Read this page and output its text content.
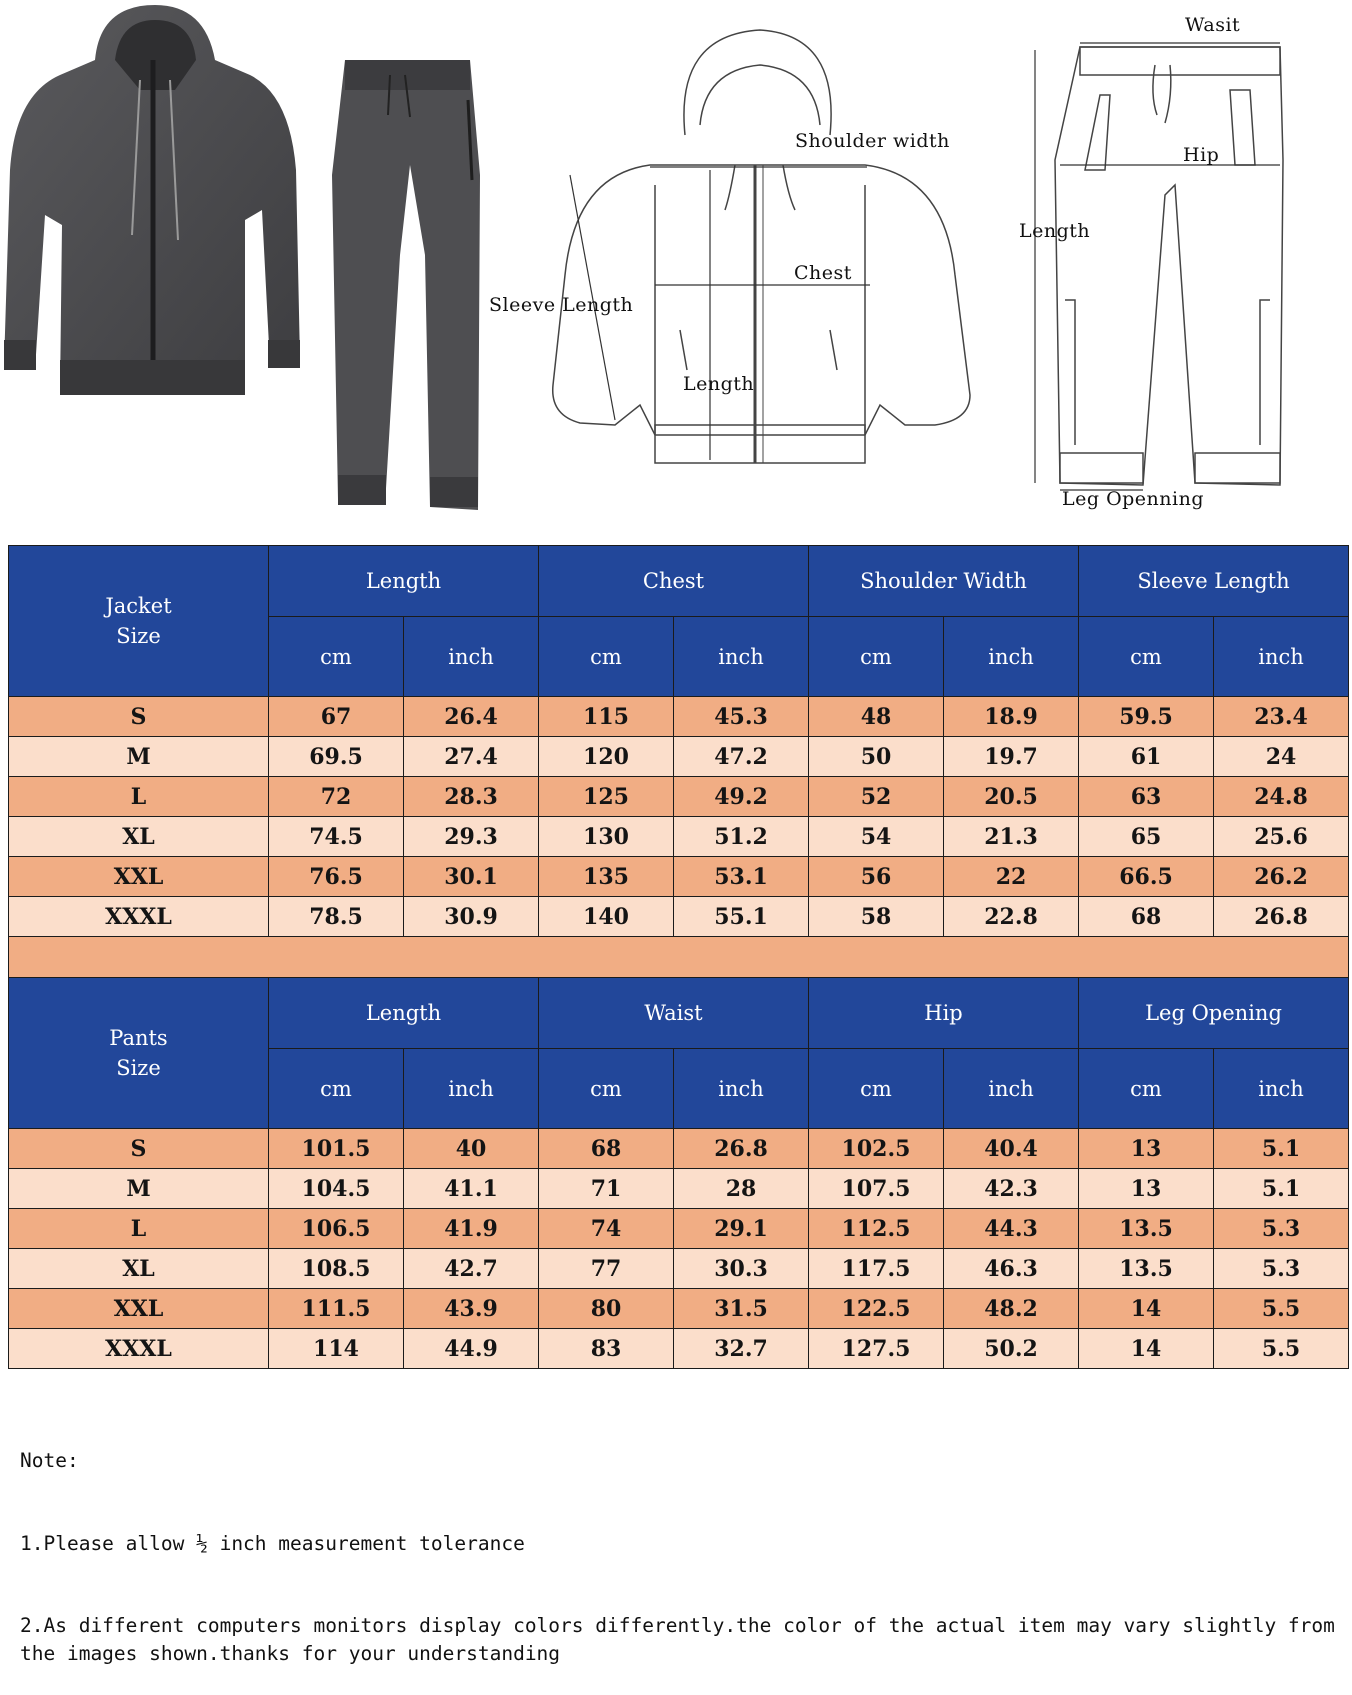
Wasit
Hip
Length
Leg Openning
Shoulder width
Chest
Sleeve Length
Length
Jacket
Size	Length		Chest		Shoulder Width		Sleeve Length	
	cm	inch	cm	inch	cm	inch	cm	inch
S	67	26.4	115	45.3	48	18.9	59.5	23.4
M	69.5	27.4	120	47.2	50	19.7	61	24
L	72	28.3	125	49.2	52	20.5	63	24.8
XL	74.5	29.3	130	51.2	54	21.3	65	25.6
XXL	76.5	30.1	135	53.1	56	22	66.5	26.2
XXXL	78.5	30.9	140	55.1	58	22.8	68	26.8
Pants
Size	Length		Waist		Hip		Leg Opening	
	cm	inch	cm	inch	cm	inch	cm	inch
S	101.5	40	68	26.8	102.5	40.4	13	5.1
M	104.5	41.1	71	28	107.5	42.3	13	5.1
L	106.5	41.9	74	29.1	112.5	44.3	13.5	5.3
XL	108.5	42.7	77	30.3	117.5	46.3	13.5	5.3
XXL	111.5	43.9	80	31.5	122.5	48.2	14	5.5
XXXL	114	44.9	83	32.7	127.5	50.2	14	5.5

Note:

1.Please allow ½ inch measurement tolerance

2.As different computers monitors display colors differently.the color of the actual item may vary slightly from the images shown.thanks for your understanding
